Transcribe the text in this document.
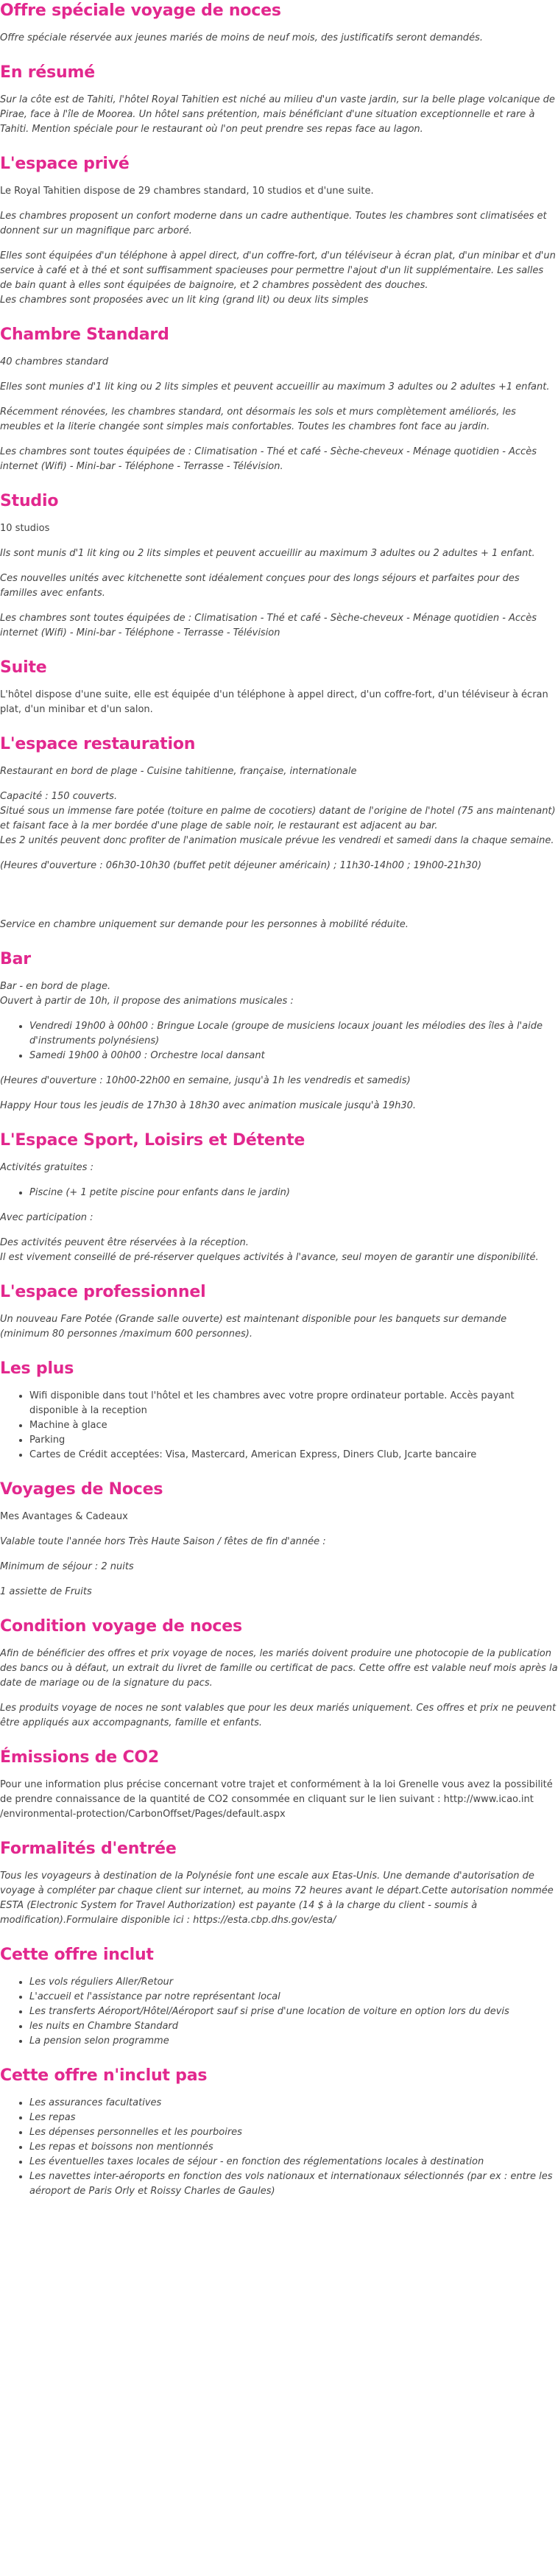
Offre spéciale voyage de noces

Offre spéciale réservée aux jeunes mariés de moins de neuf mois, des justificatifs seront demandés.

En résumé

Sur la côte est de Tahiti, l'hôtel Royal Tahitien est niché au milieu d'un vaste jardin, sur la belle plage volcanique de Pirae, face à l'île de Moorea. Un hôtel sans prétention, mais bénéficiant d'une situation exceptionnelle et rare à Tahiti. Mention spéciale pour le restaurant où l'on peut prendre ses repas face au lagon.

L'espace privé

Le Royal Tahitien dispose de 29 chambres standard, 10 studios et d'une suite.

Les chambres proposent un confort moderne dans un cadre authentique. Toutes les chambres sont climatisées et donnent sur un magnifique parc arboré.

Elles sont équipées d'un téléphone à appel direct, d'un coffre-fort, d'un téléviseur à écran plat, d'un minibar et d'un service à café et à thé et sont suffisamment spacieuses pour permettre l'ajout d'un lit supplémentaire. Les salles de bain quant à elles sont équipées de baignoire, et 2 chambres possèdent des douches.
Les chambres sont proposées avec un lit king (grand lit) ou deux lits simples

Chambre Standard

40 chambres standard

Elles sont munies d'1 lit king ou 2 lits simples et peuvent accueillir au maximum 3 adultes ou 2 adultes +1 enfant.

Récemment rénovées, les chambres standard, ont désormais les sols et murs complètement améliorés, les meubles et la literie changée sont simples mais confortables. Toutes les chambres font face au jardin.

Les chambres sont toutes équipées de : Climatisation - Thé et café - Sèche-cheveux - Ménage quotidien - Accès internet (Wifi) - Mini-bar - Téléphone - Terrasse - Télévision.

Studio

10 studios

Ils sont munis d'1 lit king ou 2 lits simples et peuvent accueillir au maximum 3 adultes ou 2 adultes + 1 enfant.

Ces nouvelles unités avec kitchenette sont idéalement conçues pour des longs séjours et parfaites pour des familles avec enfants.

Les chambres sont toutes équipées de : Climatisation - Thé et café - Sèche-cheveux - Ménage quotidien - Accès internet (Wifi) - Mini-bar - Téléphone - Terrasse - Télévision

Suite

L'hôtel dispose d'une suite, elle est équipée d'un téléphone à appel direct, d'un coffre-fort, d'un téléviseur à écran plat, d'un minibar et d'un salon.

L'espace restauration

Restaurant en bord de plage - Cuisine tahitienne, française, internationale

Capacité : 150 couverts.
Situé sous un immense fare potée (toiture en palme de cocotiers) datant de l'origine de l'hotel (75 ans maintenant) et faisant face à la mer bordée d'une plage de sable noir, le restaurant est adjacent au bar.
Les 2 unités peuvent donc profiter de l'animation musicale prévue les vendredi et samedi dans la chaque semaine.

(Heures d'ouverture : 06h30-10h30 (buffet petit déjeuner américain) ; 11h30-14h00 ; 19h00-21h30)

Service en chambre uniquement sur demande pour les personnes à mobilité réduite.

Bar

Bar - en bord de plage.
Ouvert à partir de 10h, il propose des animations musicales :

• Vendredi 19h00 à 00h00 : Bringue Locale (groupe de musiciens locaux jouant les mélodies des îles à l'aide d'instruments polynésiens)
• Samedi 19h00 à 00h00 : Orchestre local dansant

(Heures d'ouverture : 10h00-22h00 en semaine, jusqu'à 1h les vendredis et samedis)

Happy Hour tous les jeudis de 17h30 à 18h30 avec animation musicale jusqu'à 19h30.

L'Espace Sport, Loisirs et Détente

Activités gratuites :

• Piscine (+ 1 petite piscine pour enfants dans le jardin)

Avec participation :

Des activités peuvent être réservées à la réception.
Il est vivement conseillé de pré-réserver quelques activités à l'avance, seul moyen de garantir une disponibilité.

L'espace professionnel

Un nouveau Fare Potée (Grande salle ouverte) est maintenant disponible pour les banquets sur demande (minimum 80 personnes /maximum 600 personnes).

Les plus
• Wifi disponible dans tout l'hôtel et les chambres avec votre propre ordinateur portable. Accès payant disponible à la reception
• Machine à glace
• Parking
• Cartes de Crédit acceptées: Visa, Mastercard, American Express, Diners Club, Jcarte bancaire
Voyages de Noces

Mes Avantages & Cadeaux

Valable toute l'année hors Très Haute Saison / fêtes de fin d'année :

Minimum de séjour : 2 nuits

1 assiette de Fruits

Condition voyage de noces

Afin de bénéficier des offres et prix voyage de noces, les mariés doivent produire une photocopie de la publication des bancs ou à défaut, un extrait du livret de famille ou certificat de pacs. Cette offre est valable neuf mois après la date de mariage ou de la signature du pacs.

Les produits voyage de noces ne sont valables que pour les deux mariés uniquement. Ces offres et prix ne peuvent être appliqués aux accompagnants, famille et enfants.

Émissions de CO2

Pour une information plus précise concernant votre trajet et conformément à la loi Grenelle vous avez la possibilité de prendre connaissance de la quantité de CO2 consommée en cliquant sur le lien suivant : http://www.icao.int /environmental-protection/CarbonOffset/Pages/default.aspx

Formalités d'entrée

Tous les voyageurs à destination de la Polynésie font une escale aux Etas-Unis. Une demande d'autorisation de voyage à compléter par chaque client sur internet, au moins 72 heures avant le départ.Cette autorisation nommée ESTA (Electronic System for Travel Authorization) est payante (14 $ à la charge du client - soumis à modification).Formulaire disponible ici : https://esta.cbp.dhs.gov/esta/

Cette offre inclut
• Les vols réguliers Aller/Retour
• L'accueil et l'assistance par notre représentant local
• Les transferts Aéroport/Hôtel/Aéroport sauf si prise d'une location de voiture en option lors du devis
• les nuits en Chambre Standard
• La pension selon programme
Cette offre n'inclut pas
• Les assurances facultatives
• Les repas
• Les dépenses personnelles et les pourboires
• Les repas et boissons non mentionnés
• Les éventuelles taxes locales de séjour - en fonction des réglementations locales à destination
• Les navettes inter-aéroports en fonction des vols nationaux et internationaux sélectionnés (par ex : entre les aéroport de Paris Orly et Roissy Charles de Gaules)
